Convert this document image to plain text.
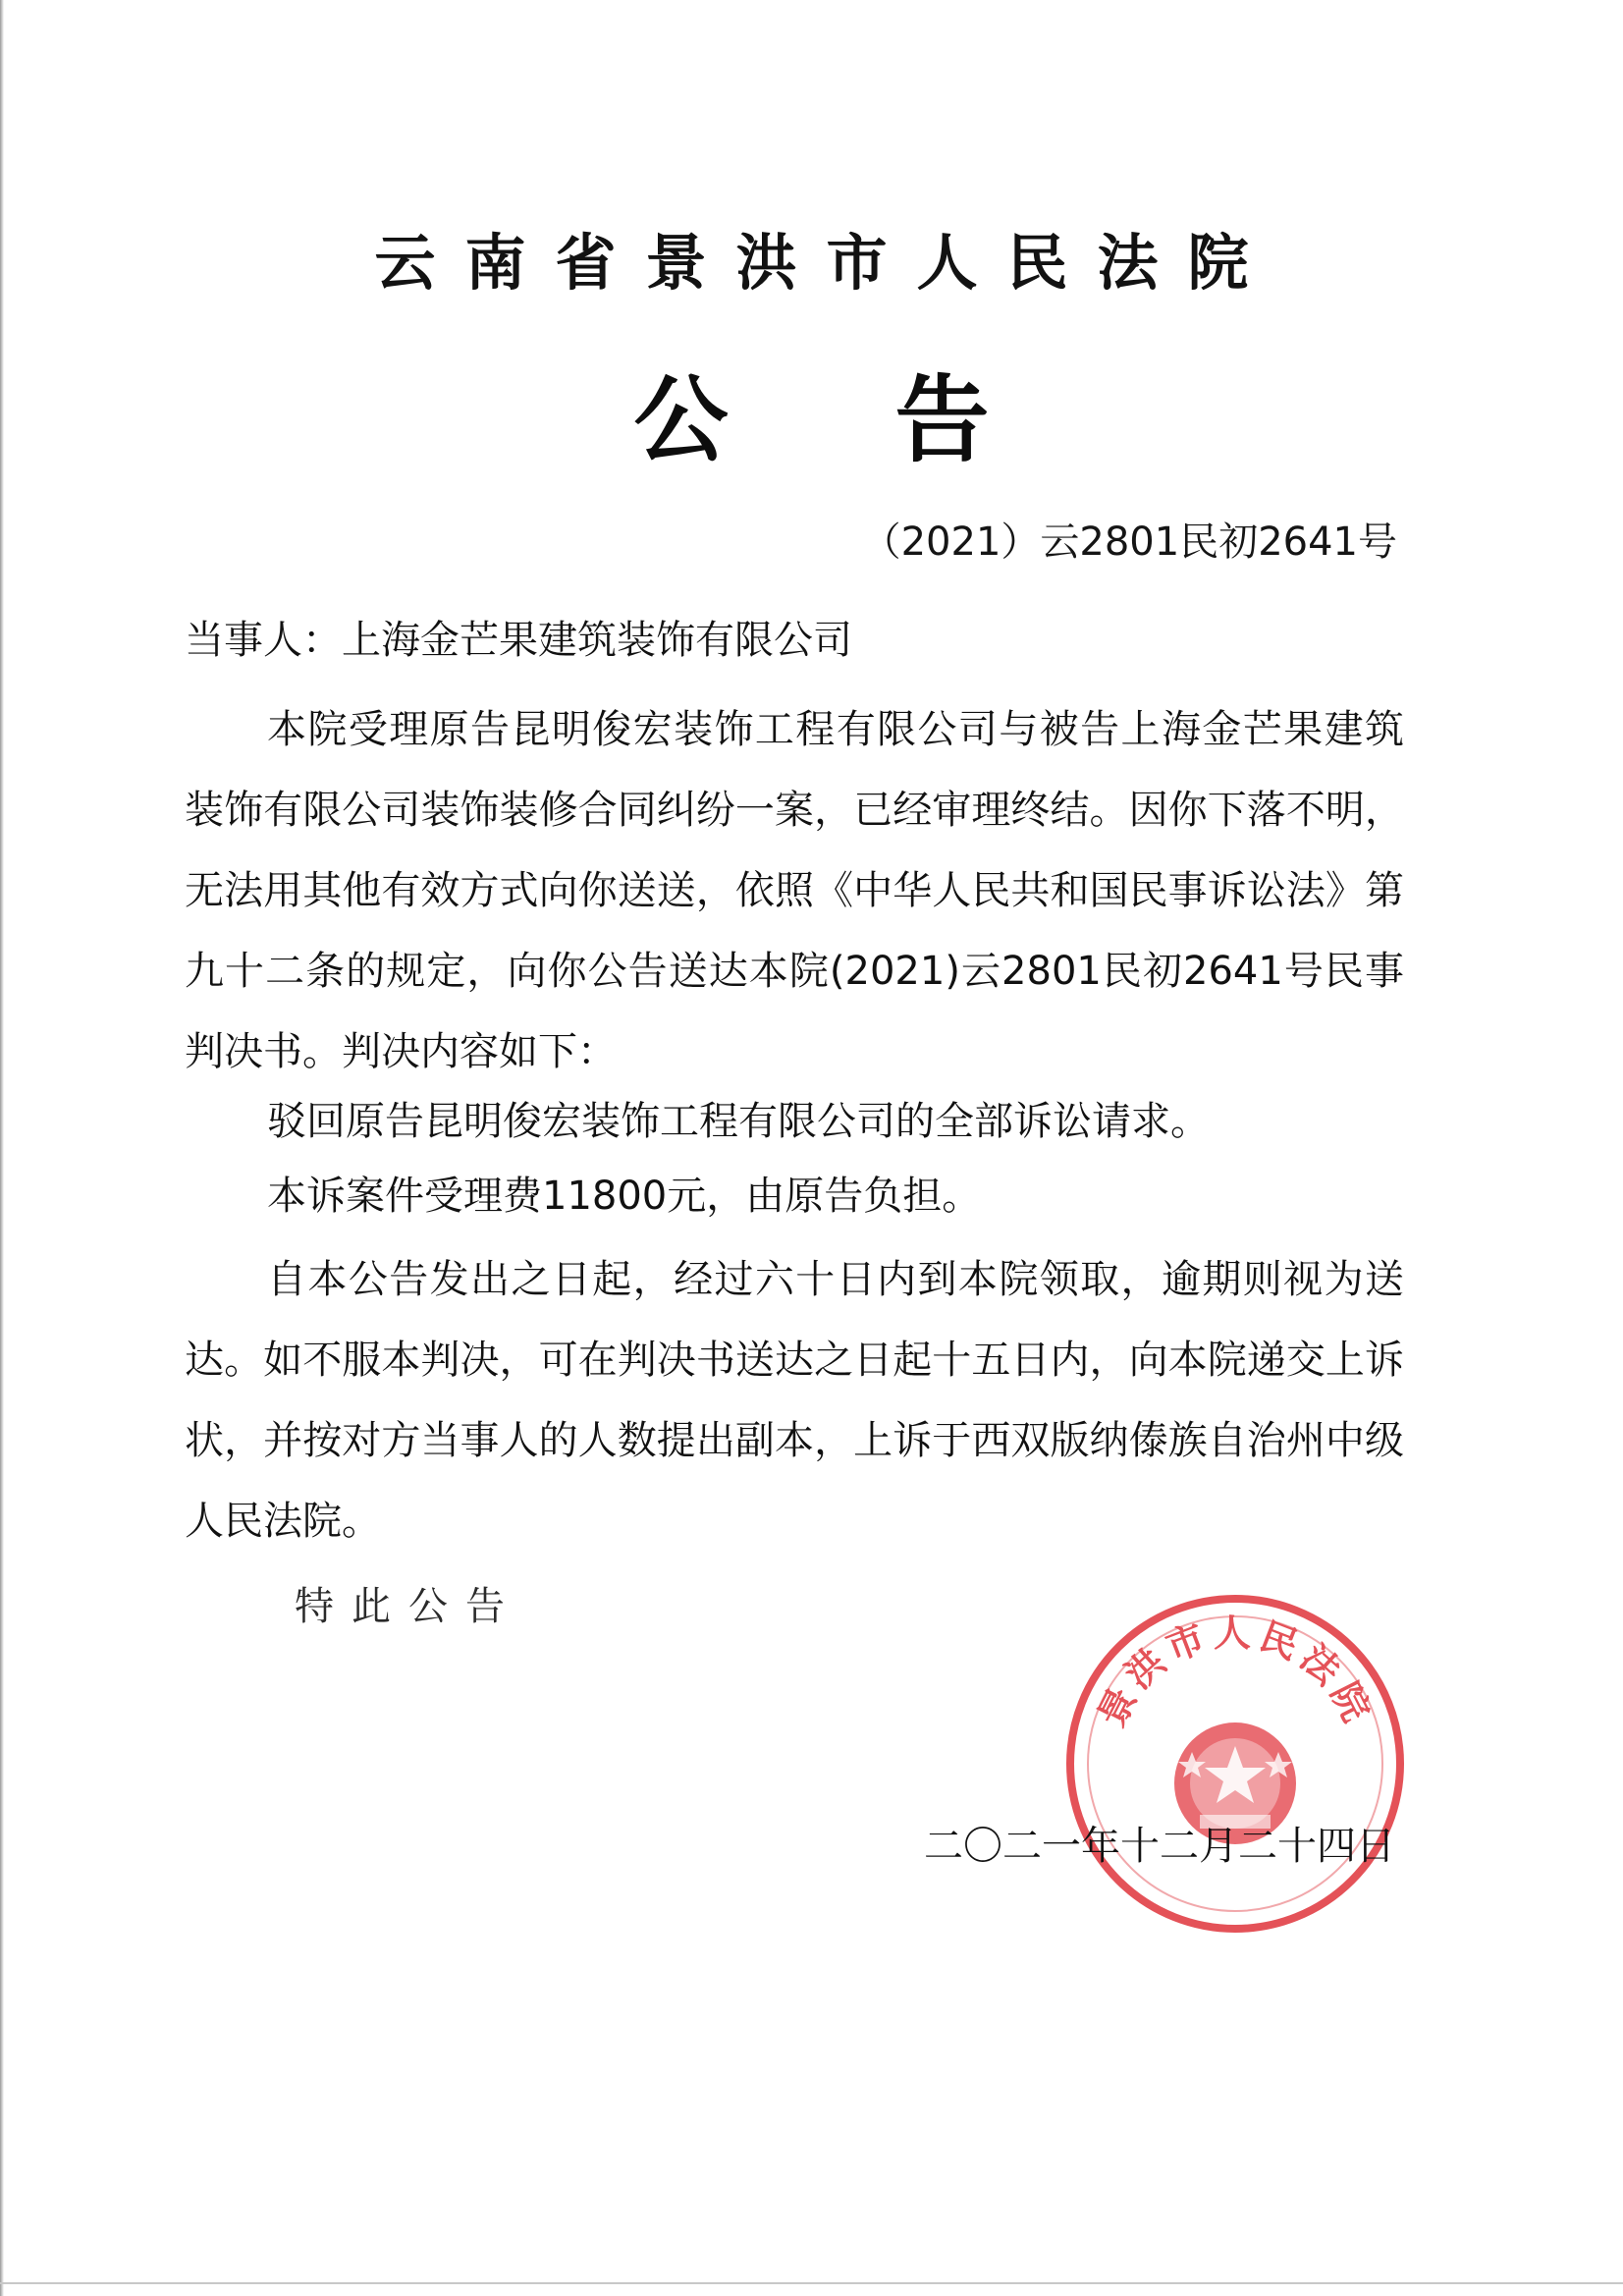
云南省景洪市人民法院
公告
（2021）云2801民初2641号
当事人：上海金芒果建筑装饰有限公司

本院受理原告昆明俊宏装饰工程有限公司与被告上海金芒果建筑装饰有限公司装饰装修合同纠纷一案，已经审理终结。因你下落不明，无法用其他有效方式向你送送，依照《中华人民共和国民事诉讼法》第九十二条的规定，向你公告送达本院(2021)云2801民初2641号民事判决书。判决内容如下：

驳回原告昆明俊宏装饰工程有限公司的全部诉讼请求。

本诉案件受理费11800元，由原告负担。

自本公告发出之日起，经过六十日内到本院领取，逾期则视为送达。如不服本判决，可在判决书送达之日起十五日内，向本院递交上诉状，并按对方当事人的人数提出副本，上诉于西双版纳傣族自治州中级人民法院。

特此公告
景洪市人民法院
二〇二一年十二月二十四日
